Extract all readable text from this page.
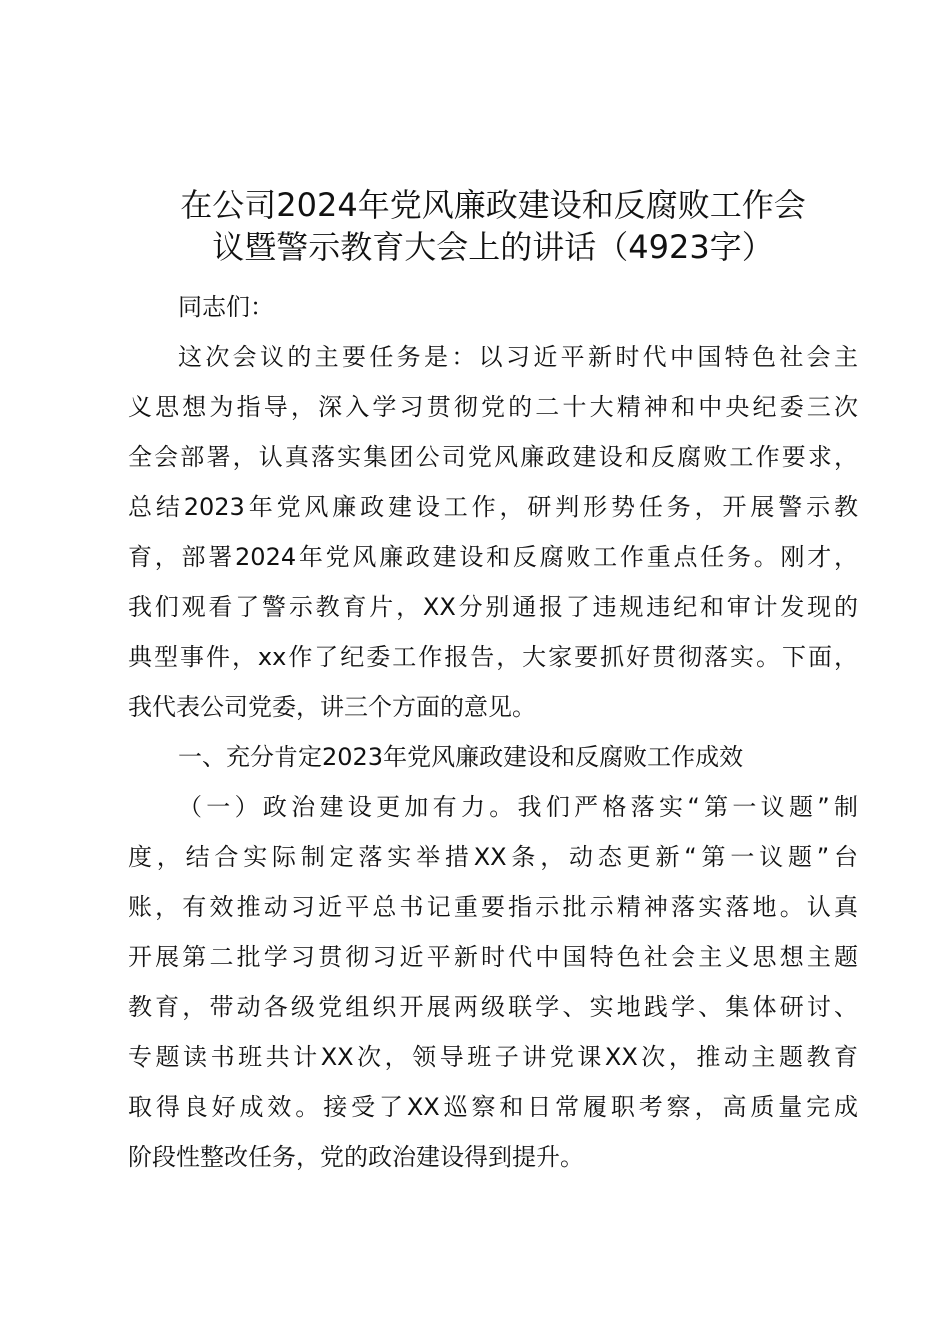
在公司2024年党风廉政建设和反腐败工作会
议暨警示教育大会上的讲话（4923字）
同志们：
这次会议的主要任务是：以习近平新时代中国特色社会主
义思想为指导，深入学习贯彻党的二十大精神和中央纪委三次
全会部署，认真落实集团公司党风廉政建设和反腐败工作要求，
总结2023年党风廉政建设工作，研判形势任务，开展警示教
育，部署2024年党风廉政建设和反腐败工作重点任务。刚才，
我们观看了警示教育片，XX分别通报了违规违纪和审计发现的
典型事件，xx作了纪委工作报告，大家要抓好贯彻落实。下面，
我代表公司党委，讲三个方面的意见。
一、充分肯定2023年党风廉政建设和反腐败工作成效
（一）政治建设更加有力。我们严格落实“第一议题”制
度，结合实际制定落实举措XX条，动态更新“第一议题”台
账，有效推动习近平总书记重要指示批示精神落实落地。认真
开展第二批学习贯彻习近平新时代中国特色社会主义思想主题
教育，带动各级党组织开展两级联学、实地践学、集体研讨、
专题读书班共计XX次，领导班子讲党课XX次，推动主题教育
取得良好成效。接受了XX巡察和日常履职考察，高质量完成
阶段性整改任务，党的政治建设得到提升。
